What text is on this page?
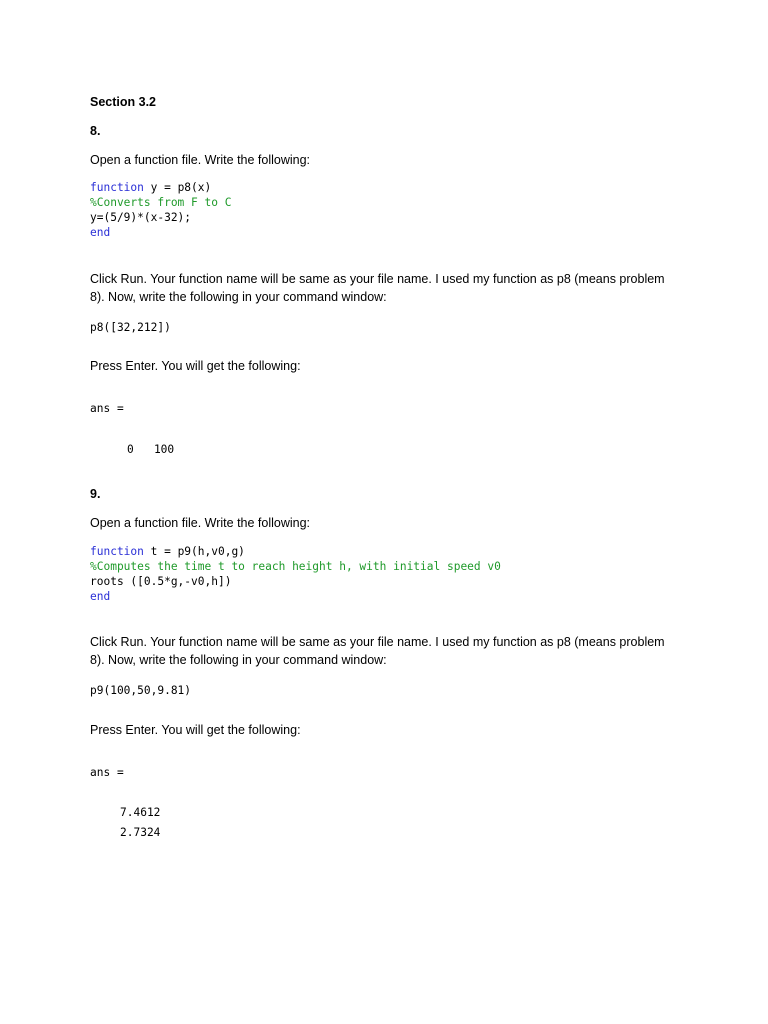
Section 3.2

8.

Open a function file. Write the following:

function y = p8(x)
%Converts from F to C
y=(5/9)*(x-32);
end

Click Run. Your function name will be same as your file name. I used my function as p8 (means problem 8). Now, write the following in your command window:

p8([32,212])

Press Enter. You will get the following:

ans =
0   100

9.

Open a function file. Write the following:

function t = p9(h,v0,g)
%Computes the time t to reach height h, with initial speed v0
roots ([0.5*g,-v0,h])
end

Click Run. Your function name will be same as your file name. I used my function as p8 (means problem 8). Now, write the following in your command window:

p9(100,50,9.81)

Press Enter. You will get the following:

ans =
7.4612
2.7324
